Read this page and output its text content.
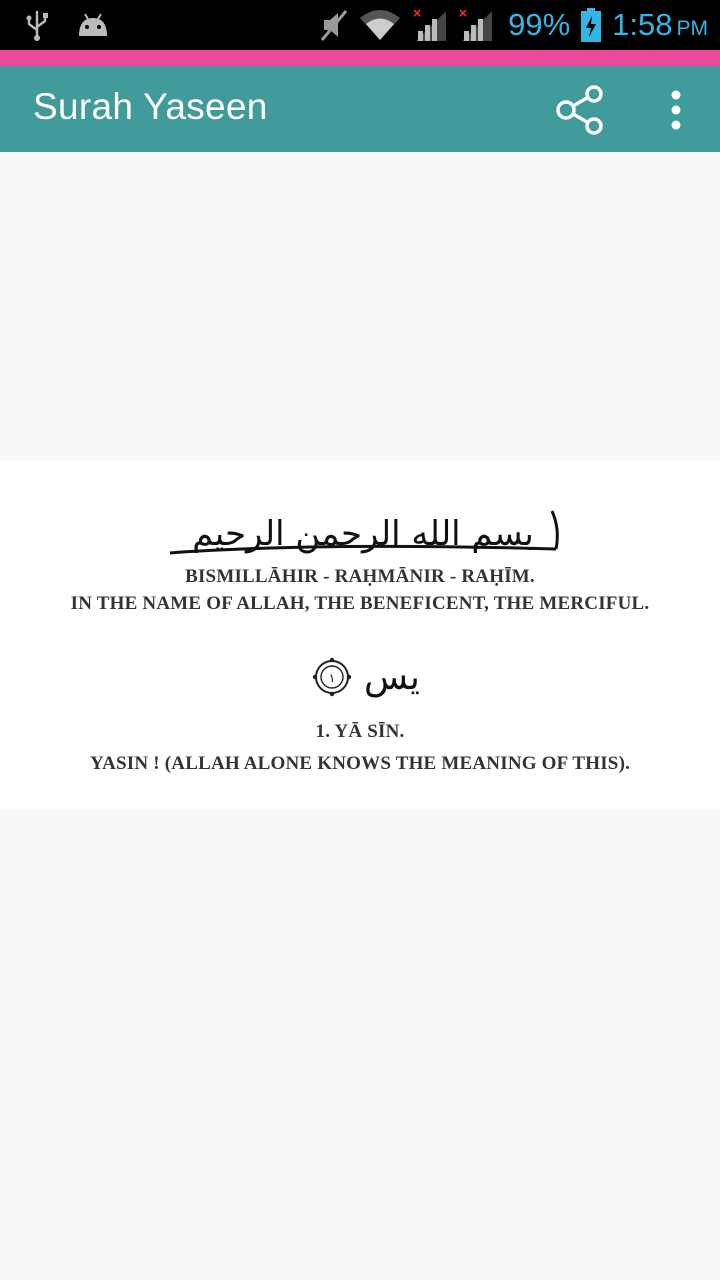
×	× 99% 1:58 PM
Surah Yaseen
بسم الله الرحمن الرحيم
BISMILLĀHIR - RAḤMĀNIR - RAḤĪM.
IN THE NAME OF ALLAH, THE BENEFICENT, THE MERCIFUL.
١ يس
1. YĀ SĪN.
YASIN ! (ALLAH ALONE KNOWS THE MEANING OF THIS).
